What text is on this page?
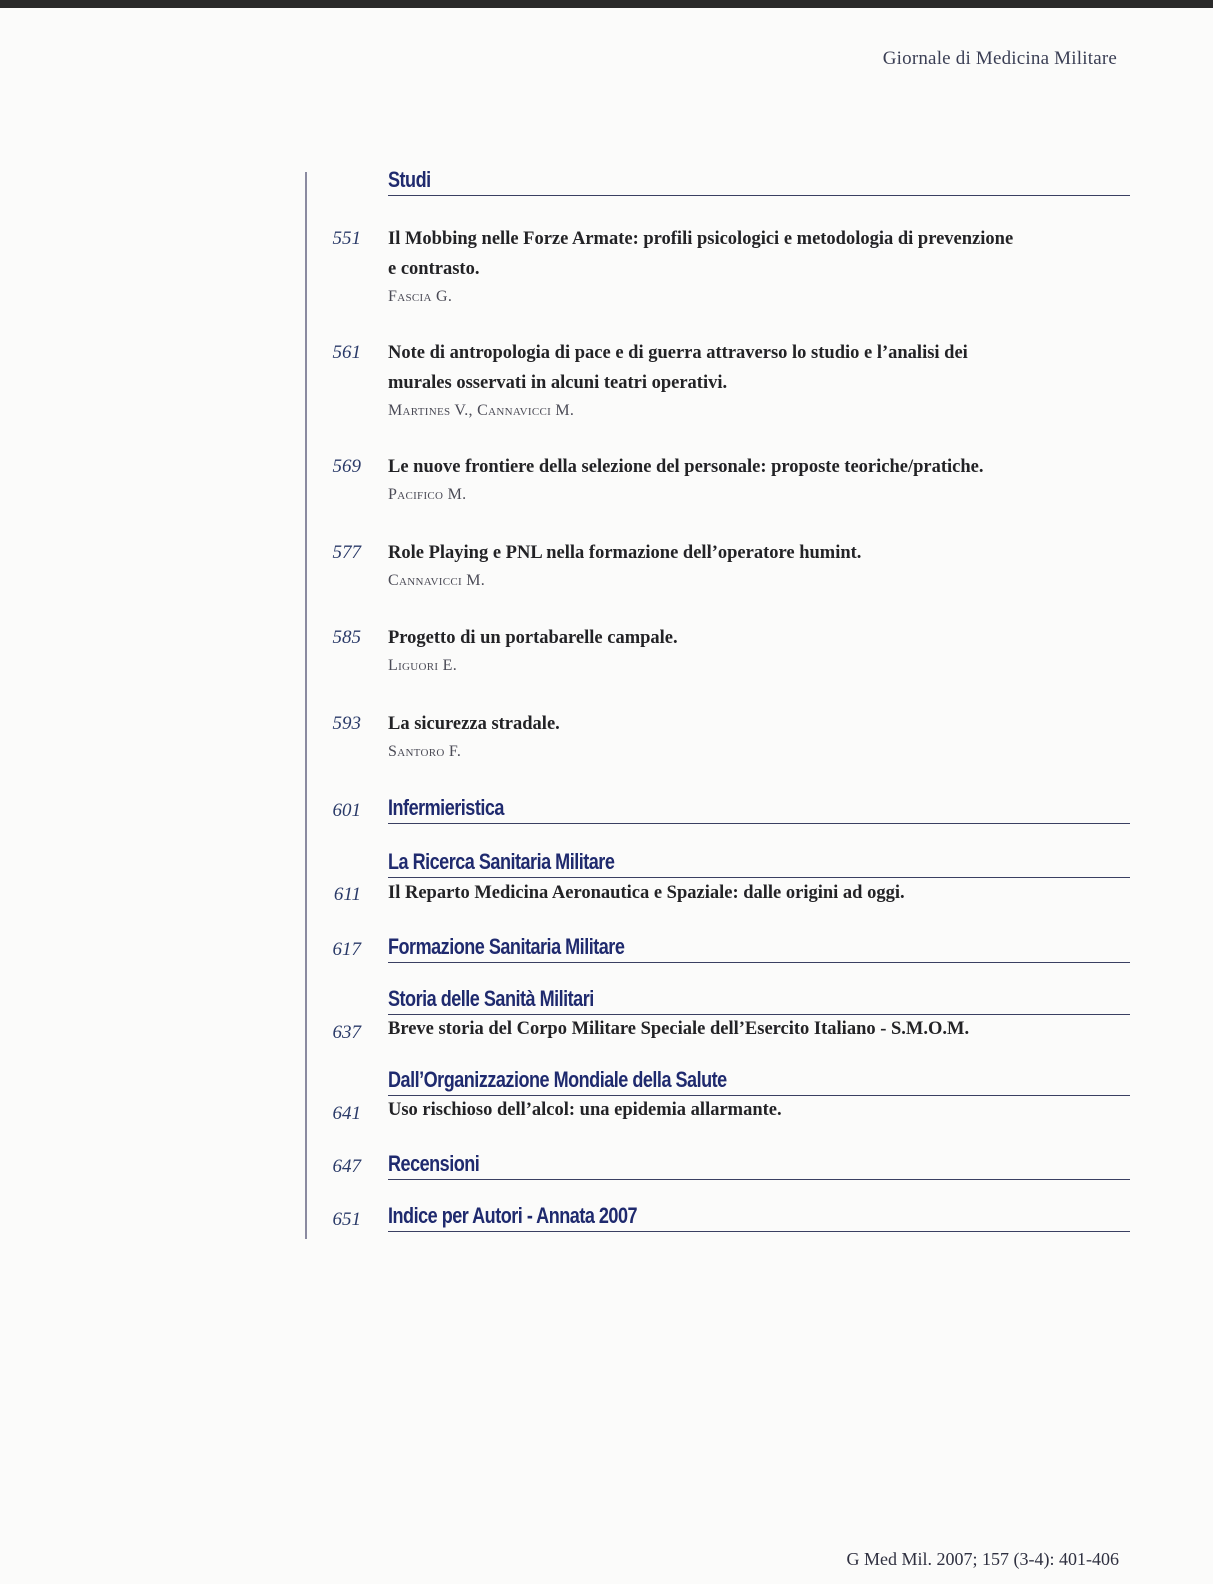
Giornale di Medicina Militare
Studi
551 Il Mobbing nelle Forze Armate: profili psicologici e metodologia di prevenzione
e contrasto.
Fascia G.
561 Note di antropologia di pace e di guerra attraverso lo studio e l’analisi dei
murales osservati in alcuni teatri operativi.
Martines V., Cannavicci M.
569 Le nuove frontiere della selezione del personale: proposte teoriche/pratiche.
Pacifico M.
577 Role Playing e PNL nella formazione dell’operatore humint.
Cannavicci M.
585 Progetto di un portabarelle campale.
Liguori E.
593 La sicurezza stradale.
Santoro F.
601 Infermieristica
La Ricerca Sanitaria Militare
611 Il Reparto Medicina Aeronautica e Spaziale: dalle origini ad oggi.
617 Formazione Sanitaria Militare
Storia delle Sanità Militari
637 Breve storia del Corpo Militare Speciale dell’Esercito Italiano - S.M.O.M.
Dall’Organizzazione Mondiale della Salute
641 Uso rischioso dell’alcol: una epidemia allarmante.
647 Recensioni
651 Indice per Autori - Annata 2007
G Med Mil. 2007; 157 (3-4): 401-406
